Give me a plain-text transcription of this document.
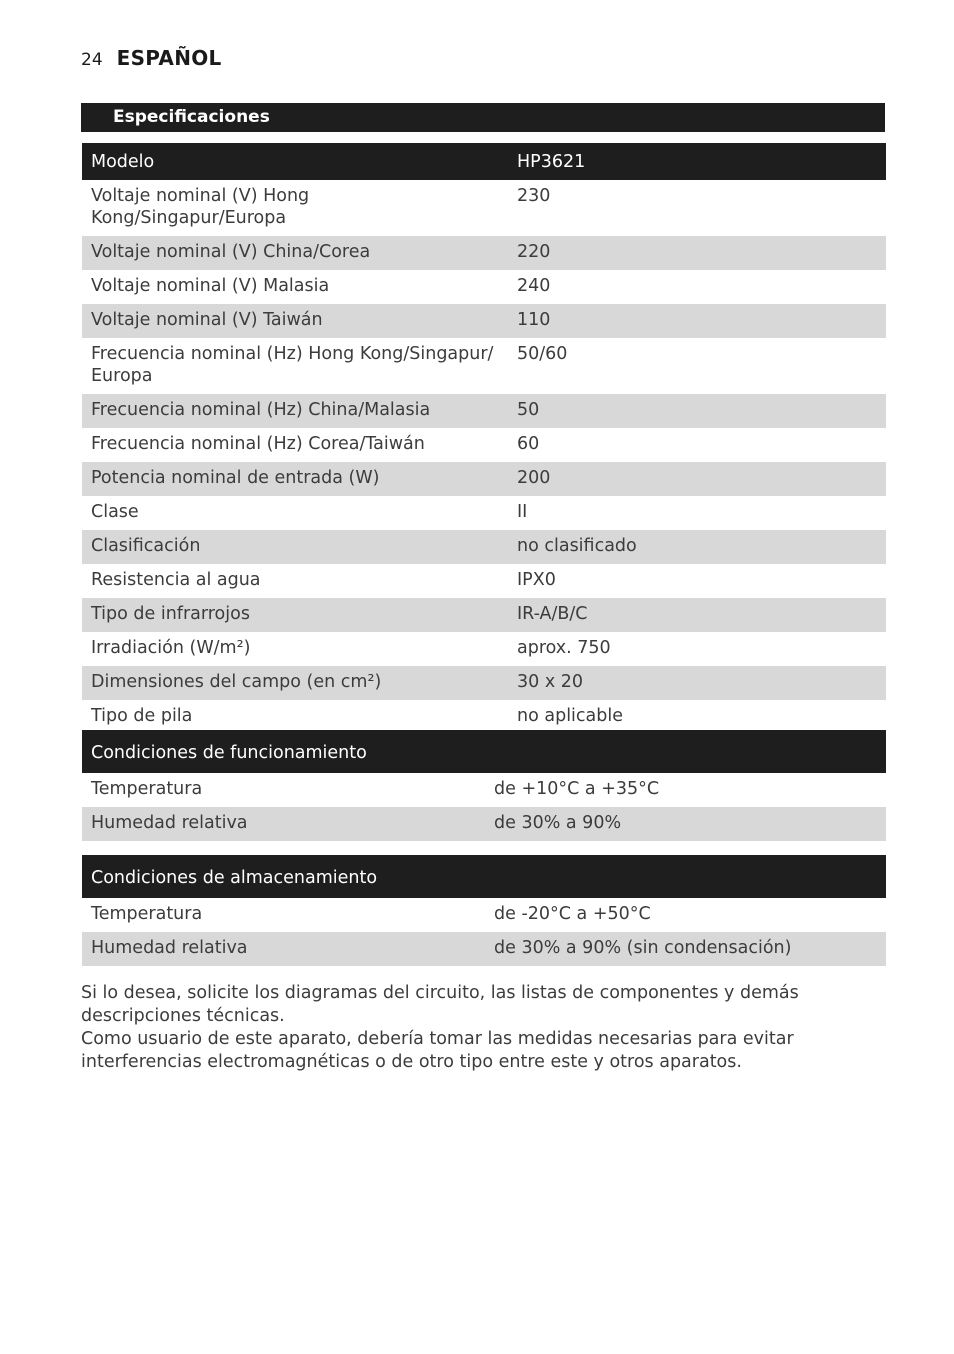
24 ESPAÑOL
Especificaciones
Modelo	HP3621
Voltaje nominal (V) Hong Kong/Singapur/Europa	230
Voltaje nominal (V) China/Corea	220
Voltaje nominal (V) Malasia	240
Voltaje nominal (V) Taiwán	110
Frecuencia nominal (Hz) Hong Kong/Singapur/ Europa	50/60
Frecuencia nominal (Hz) China/Malasia	50
Frecuencia nominal (Hz) Corea/Taiwán	60
Potencia nominal de entrada (W)	200
Clase	II
Clasificación	no clasificado
Resistencia al agua	IPX0
Tipo de infrarrojos	IR-A/B/C
Irradiación (W/m²)	aprox. 750
Dimensiones del campo (en cm²)	30 x 20
Tipo de pila	no aplicable
Condiciones de funcionamiento	
Temperatura	de +10°C a +35°C
Humedad relativa	de 30% a 90%
Condiciones de almacenamiento	
Temperatura	de -20°C a +50°C
Humedad relativa	de 30% a 90% (sin condensación)

Si lo desea, solicite los diagramas del circuito, las listas de componentes y demás descripciones técnicas.

Como usuario de este aparato, debería tomar las medidas necesarias para evitar interferencias electromagnéticas o de otro tipo entre este y otros aparatos.
